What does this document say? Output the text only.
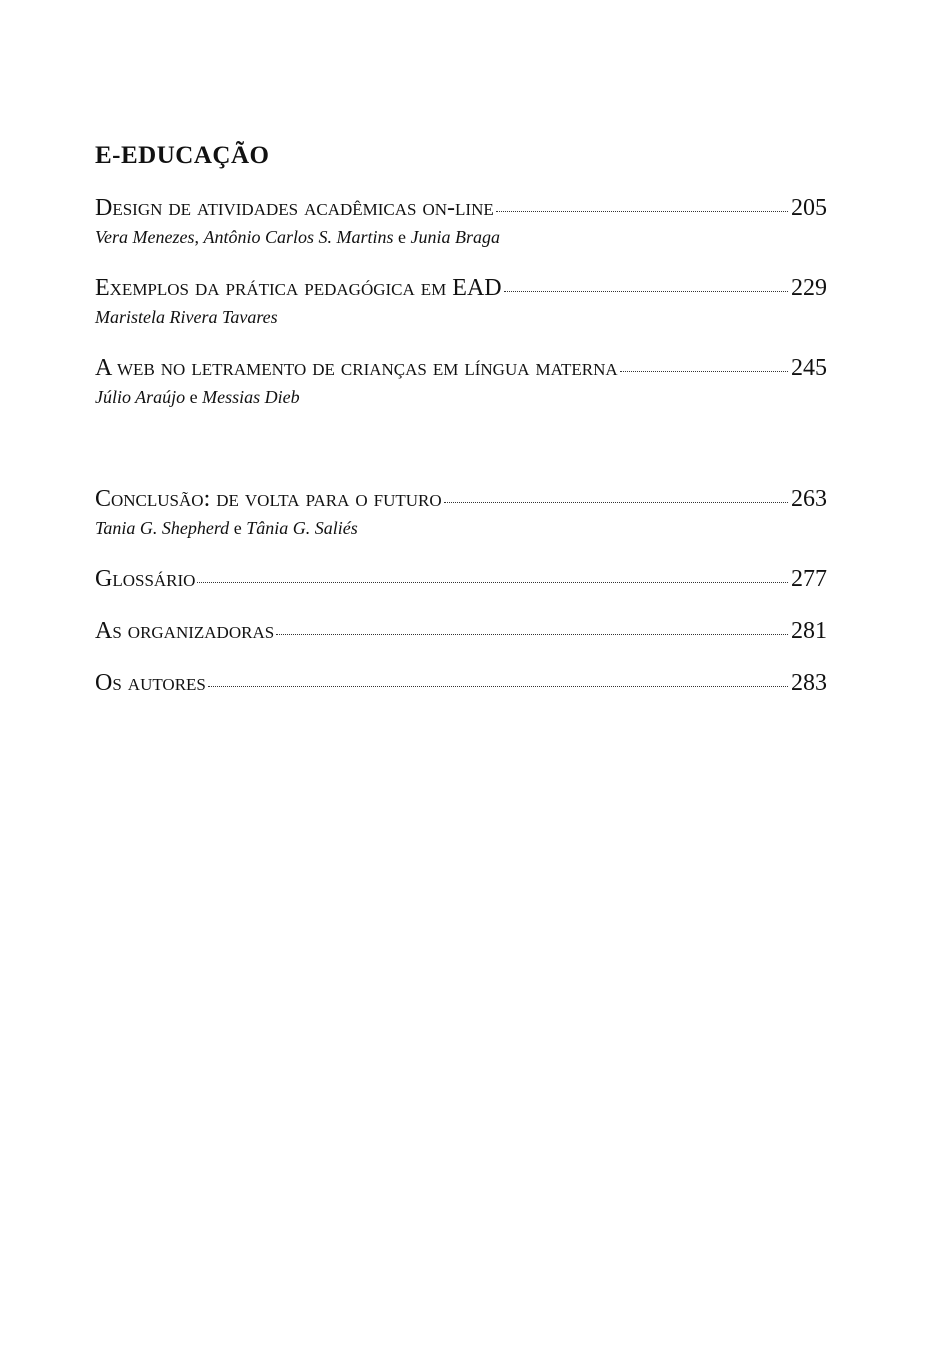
E-EDUCAÇÃO
Design de atividades acadêmicas on-line	205
Vera Menezes, Antônio Carlos S. Martins e Junia Braga
Exemplos da prática pedagógica em EAD	229
Maristela Rivera Tavares
A web no letramento de crianças em língua materna	245
Júlio Araújo e Messias Dieb
Conclusão: de volta para o futuro	263
Tania G. Shepherd e Tânia G. Saliés
Glossário	277
As organizadoras	281
Os autores	283
